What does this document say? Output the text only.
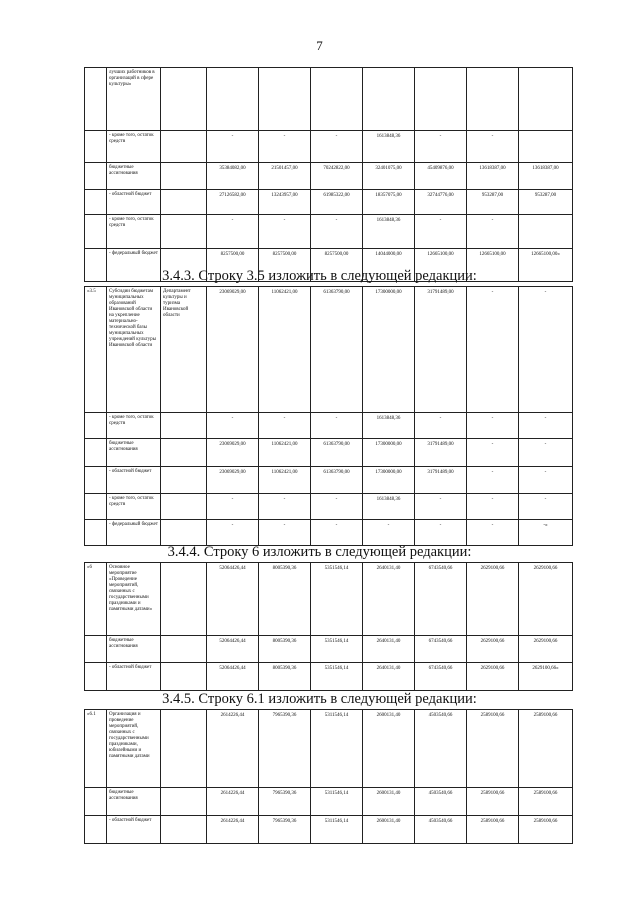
7
	лучших работников в организаций в сфере культуры»								
	- кроме того, остаток средств		-	-	-	1613848,36	-	-	
	бюджетные ассигнования		35384082,00	21501457,00	70242822,00	32401075,00	45409876,00	13618387,00	13618387,00
	- областной бюджет		27126582,00	13243957,00	61985322,00	18357075,00	32744776,00	953287,00	953287,00
	- кроме того, остаток средств		-	-	-	1613848,36	-	-	
	- федеральный бюджет		8257500,00	8257500,00	8257500,00	14044000,00	12665100,00	12665100,00	12665100,00»
3.4.3. Строку 3.5 изложить в следующей редакции:
«3.5	Субсидии бюджетам муниципальных образований Ивановской области на укрепление материально-технической базы муниципальных учреждений культуры Ивановской области	Департамент культуры и туризма Ивановской области	23069029,00	11062421,00	61363790,00	17300000,00	31791489,00	-	-
	- кроме того, остаток средств		-	-	-	1613848,36	-	-	-
	бюджетные ассигнования		23069029,00	11062421,00	61363790,00	17300000,00	31791489,00	-	-
	- областной бюджет		23069029,00	11062421,00	61363790,00	17300000,00	31791489,00	-	-
	- кроме того, остаток средств		-	-	-	1613848,36	-	-	-
	- федеральный бюджет		-	-	-	-	-	-	-»
3.4.4. Строку 6 изложить в следующей редакции:
«6	Основное мероприятие «Проведение мероприятий, связанных с государственными праздниками и памятными датами»		52064426,44	8005390,36	5351546,14	2640131,40	6743540,66	2629100,66	2629100,66
	бюджетные ассигнования		52064426,44	8005390,36	5351546,14	2640131,40	6743540,66	2629100,66	2629100,66
	- областной бюджет		52064426,44	8005390,36	5351546,14	2640131,40	6743540,66	2629100,66	2629100,66»
3.4.5. Строку 6.1 изложить в следующей редакции:
«6.1	Организация и проведение мероприятий, связанных с государственными праздниками, юбилейными и памятными датами		2614226,44	7965390,36	5311546,14	2600131,40	4503540,66	2589100,66	2589100,66
	бюджетные ассигнования		2614226,44	7965390,36	5311546,14	2600131,40	4503540,66	2589100,66	2589100,66
	- областной бюджет		2614226,44	7965390,36	5311546,14	2600131,40	4503540,66	2589100,66	2589100,66
